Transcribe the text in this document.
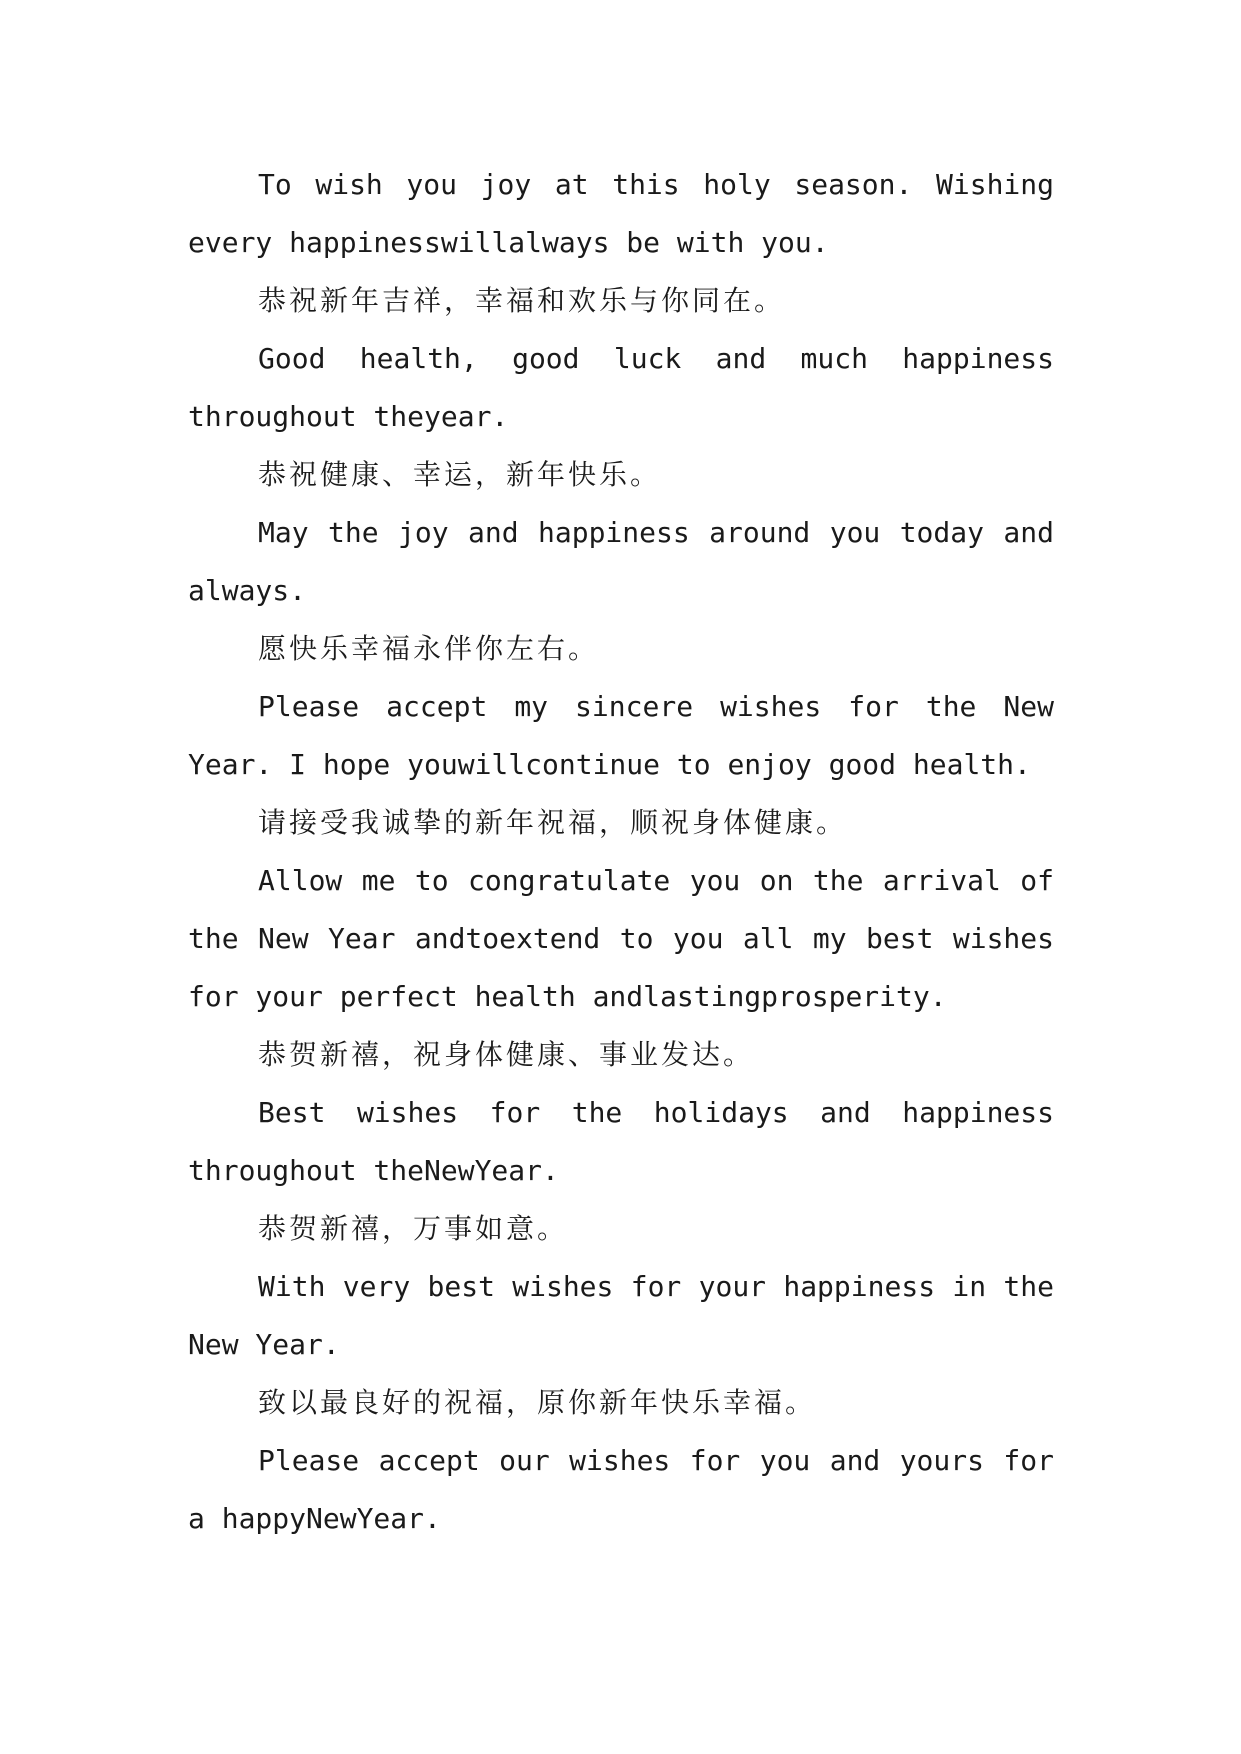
To wish you joy at this holy season. Wishing every happinesswillalways be with you.

恭祝新年吉祥，幸福和欢乐与你同在。

Good health, good luck and much happiness throughout theyear.

恭祝健康、幸运，新年快乐。

May the joy and happiness around you today and always.

愿快乐幸福永伴你左右。

Please accept my sincere wishes for the New Year. I hope youwillcontinue to enjoy good health.

请接受我诚挚的新年祝福，顺祝身体健康。

Allow me to congratulate you on the arrival of the New Year andtoextend to you all my best wishes for your perfect health andlastingprosperity.

恭贺新禧，祝身体健康、事业发达。

Best wishes for the holidays and happiness throughout theNewYear.

恭贺新禧，万事如意。

With very best wishes for your happiness in the New Year.

致以最良好的祝福，原你新年快乐幸福。

Please accept our wishes for you and yours for a happyNewYear.
